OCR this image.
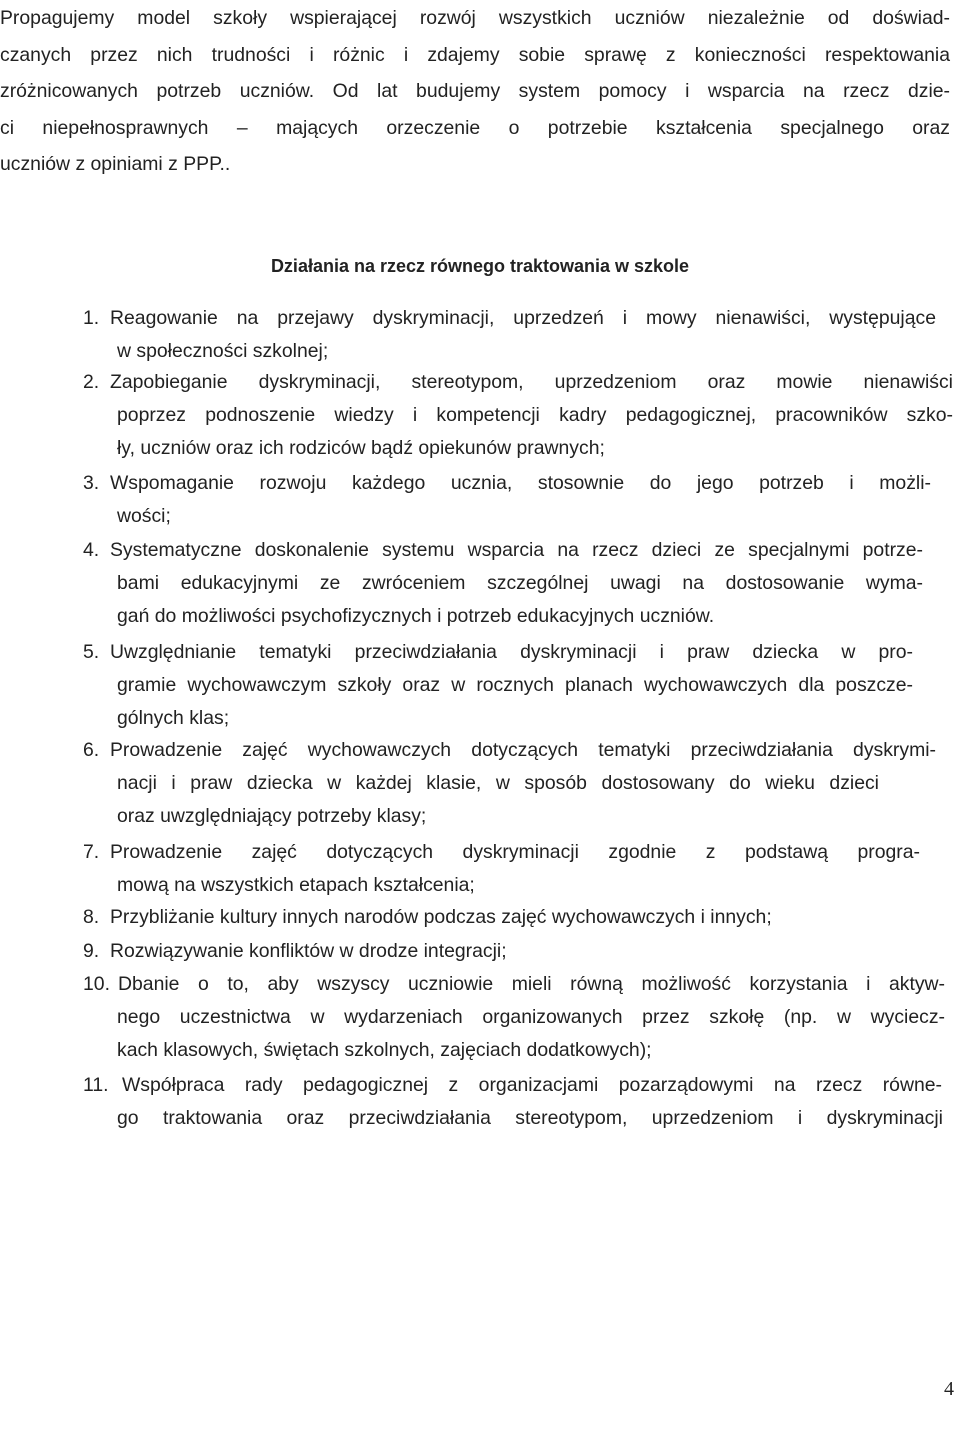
Propagujemy model szkoły wspierającej rozwój wszystkich uczniów niezależnie od doświad-
czanych przez nich trudności i różnic i zdajemy sobie sprawę z konieczności respektowania
zróżnicowanych potrzeb uczniów. Od lat budujemy system pomocy i wsparcia na rzecz dzie-
ci niepełnosprawnych – mających orzeczenie o potrzebie kształcenia specjalnego oraz
uczniów z opiniami z PPP..
Działania na rzecz równego traktowania w szkole
1. Reagowanie na przejawy dyskryminacji, uprzedzeń i mowy nienawiści, występujące
w społeczności szkolnej;
2. Zapobieganie dyskryminacji, stereotypom, uprzedzeniom oraz mowie nienawiści
poprzez podnoszenie wiedzy i kompetencji kadry pedagogicznej, pracowników szko-
ły, uczniów oraz ich rodziców bądź opiekunów prawnych;
3. Wspomaganie rozwoju każdego ucznia, stosownie do jego potrzeb i możli-
wości;
4. Systematyczne doskonalenie systemu wsparcia na rzecz dzieci ze specjalnymi potrze-
bami edukacyjnymi ze zwróceniem szczególnej uwagi na dostosowanie wyma-
gań do możliwości psychofizycznych i potrzeb edukacyjnych uczniów.
5. Uwzględnianie tematyki przeciwdziałania dyskryminacji i praw dziecka w pro-
gramie wychowawczym szkoły oraz w rocznych planach wychowawczych dla poszcze-
gólnych klas;
6. Prowadzenie zajęć wychowawczych dotyczących tematyki przeciwdziałania dyskrymi-
nacji i praw dziecka w każdej klasie, w sposób dostosowany do wieku dzieci
oraz uwzględniający potrzeby klasy;
7. Prowadzenie zajęć dotyczących dyskryminacji zgodnie z podstawą progra-
mową na wszystkich etapach kształcenia;
8. Przybliżanie kultury innych narodów podczas zajęć wychowawczych i innych;
9. Rozwiązywanie konfliktów w drodze integracji;
10. Dbanie o to, aby wszyscy uczniowie mieli równą możliwość korzystania i aktyw-
nego uczestnictwa w wydarzeniach organizowanych przez szkołę (np. w wyciecz-
kach klasowych, świętach szkolnych, zajęciach dodatkowych);
11. Współpraca rady pedagogicznej z organizacjami pozarządowymi na rzecz równe-
go traktowania oraz przeciwdziałania stereotypom, uprzedzeniom i dyskryminacji

4
